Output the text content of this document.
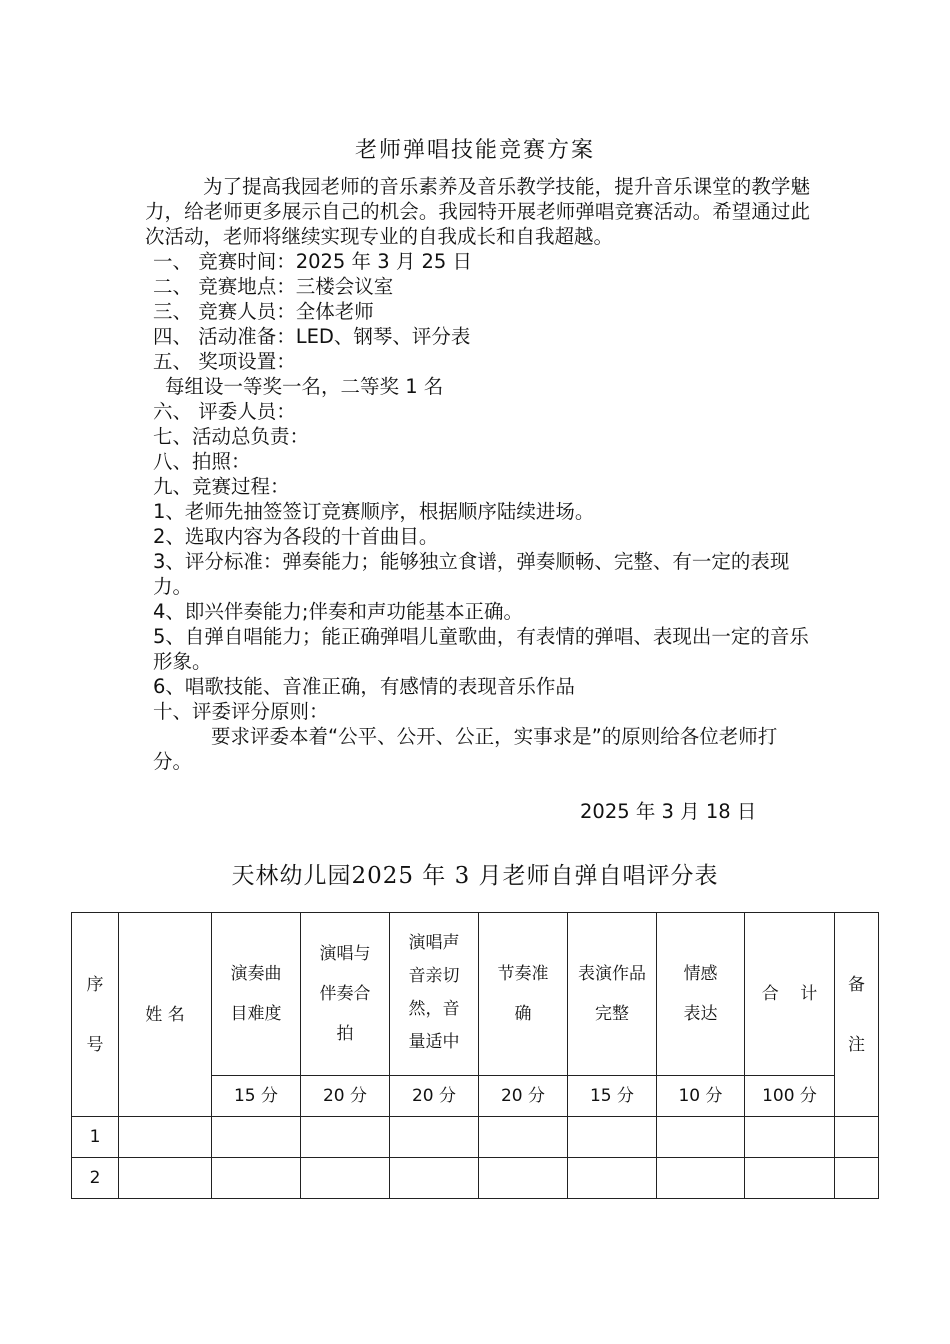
老师弹唱技能竞赛方案
为了提高我园老师的音乐素养及音乐教学技能，提升音乐课堂的教学魅力，给老师更多展示自己的机会。我园特开展老师弹唱竞赛活动。希望通过此次活动，老师将继续实现专业的自我成长和自我超越。
一、 竞赛时间：2025 年 3 月 25 日
二、 竞赛地点：三楼会议室
三、 竞赛人员：全体老师
四、 活动准备：LED、钢琴、评分表
五、 奖项设置：
每组设一等奖一名，二等奖 1 名
六、 评委人员：
七、活动总负责：
八、拍照：
九、竞赛过程：
1、老师先抽签签订竞赛顺序，根据顺序陆续进场。
2、选取内容为各段的十首曲目。
3、评分标准：弹奏能力；能够独立食谱，弹奏顺畅、完整、有一定的表现力。
4、即兴伴奏能力;伴奏和声功能基本正确。
5、自弹自唱能力；能正确弹唱儿童歌曲，有表情的弹唱、表现出一定的音乐形象。
6、唱歌技能、音准正确，有感情的表现音乐作品
十、评委评分原则：
要求评委本着“公平、公开、公正，实事求是”的原则给各位老师打分。
2025 年 3 月 18 日
天林幼儿园2025 年 3 月老师自弹自唱评分表
序号	姓 名	演奏曲目难度	演唱与伴奏合拍	演唱声音亲切然，音量适中	节奏准确	表演作品完整	情感表达	合    计	备注
		15 分	20 分	20 分	20 分	15 分	10 分	100 分	
1									
2									
